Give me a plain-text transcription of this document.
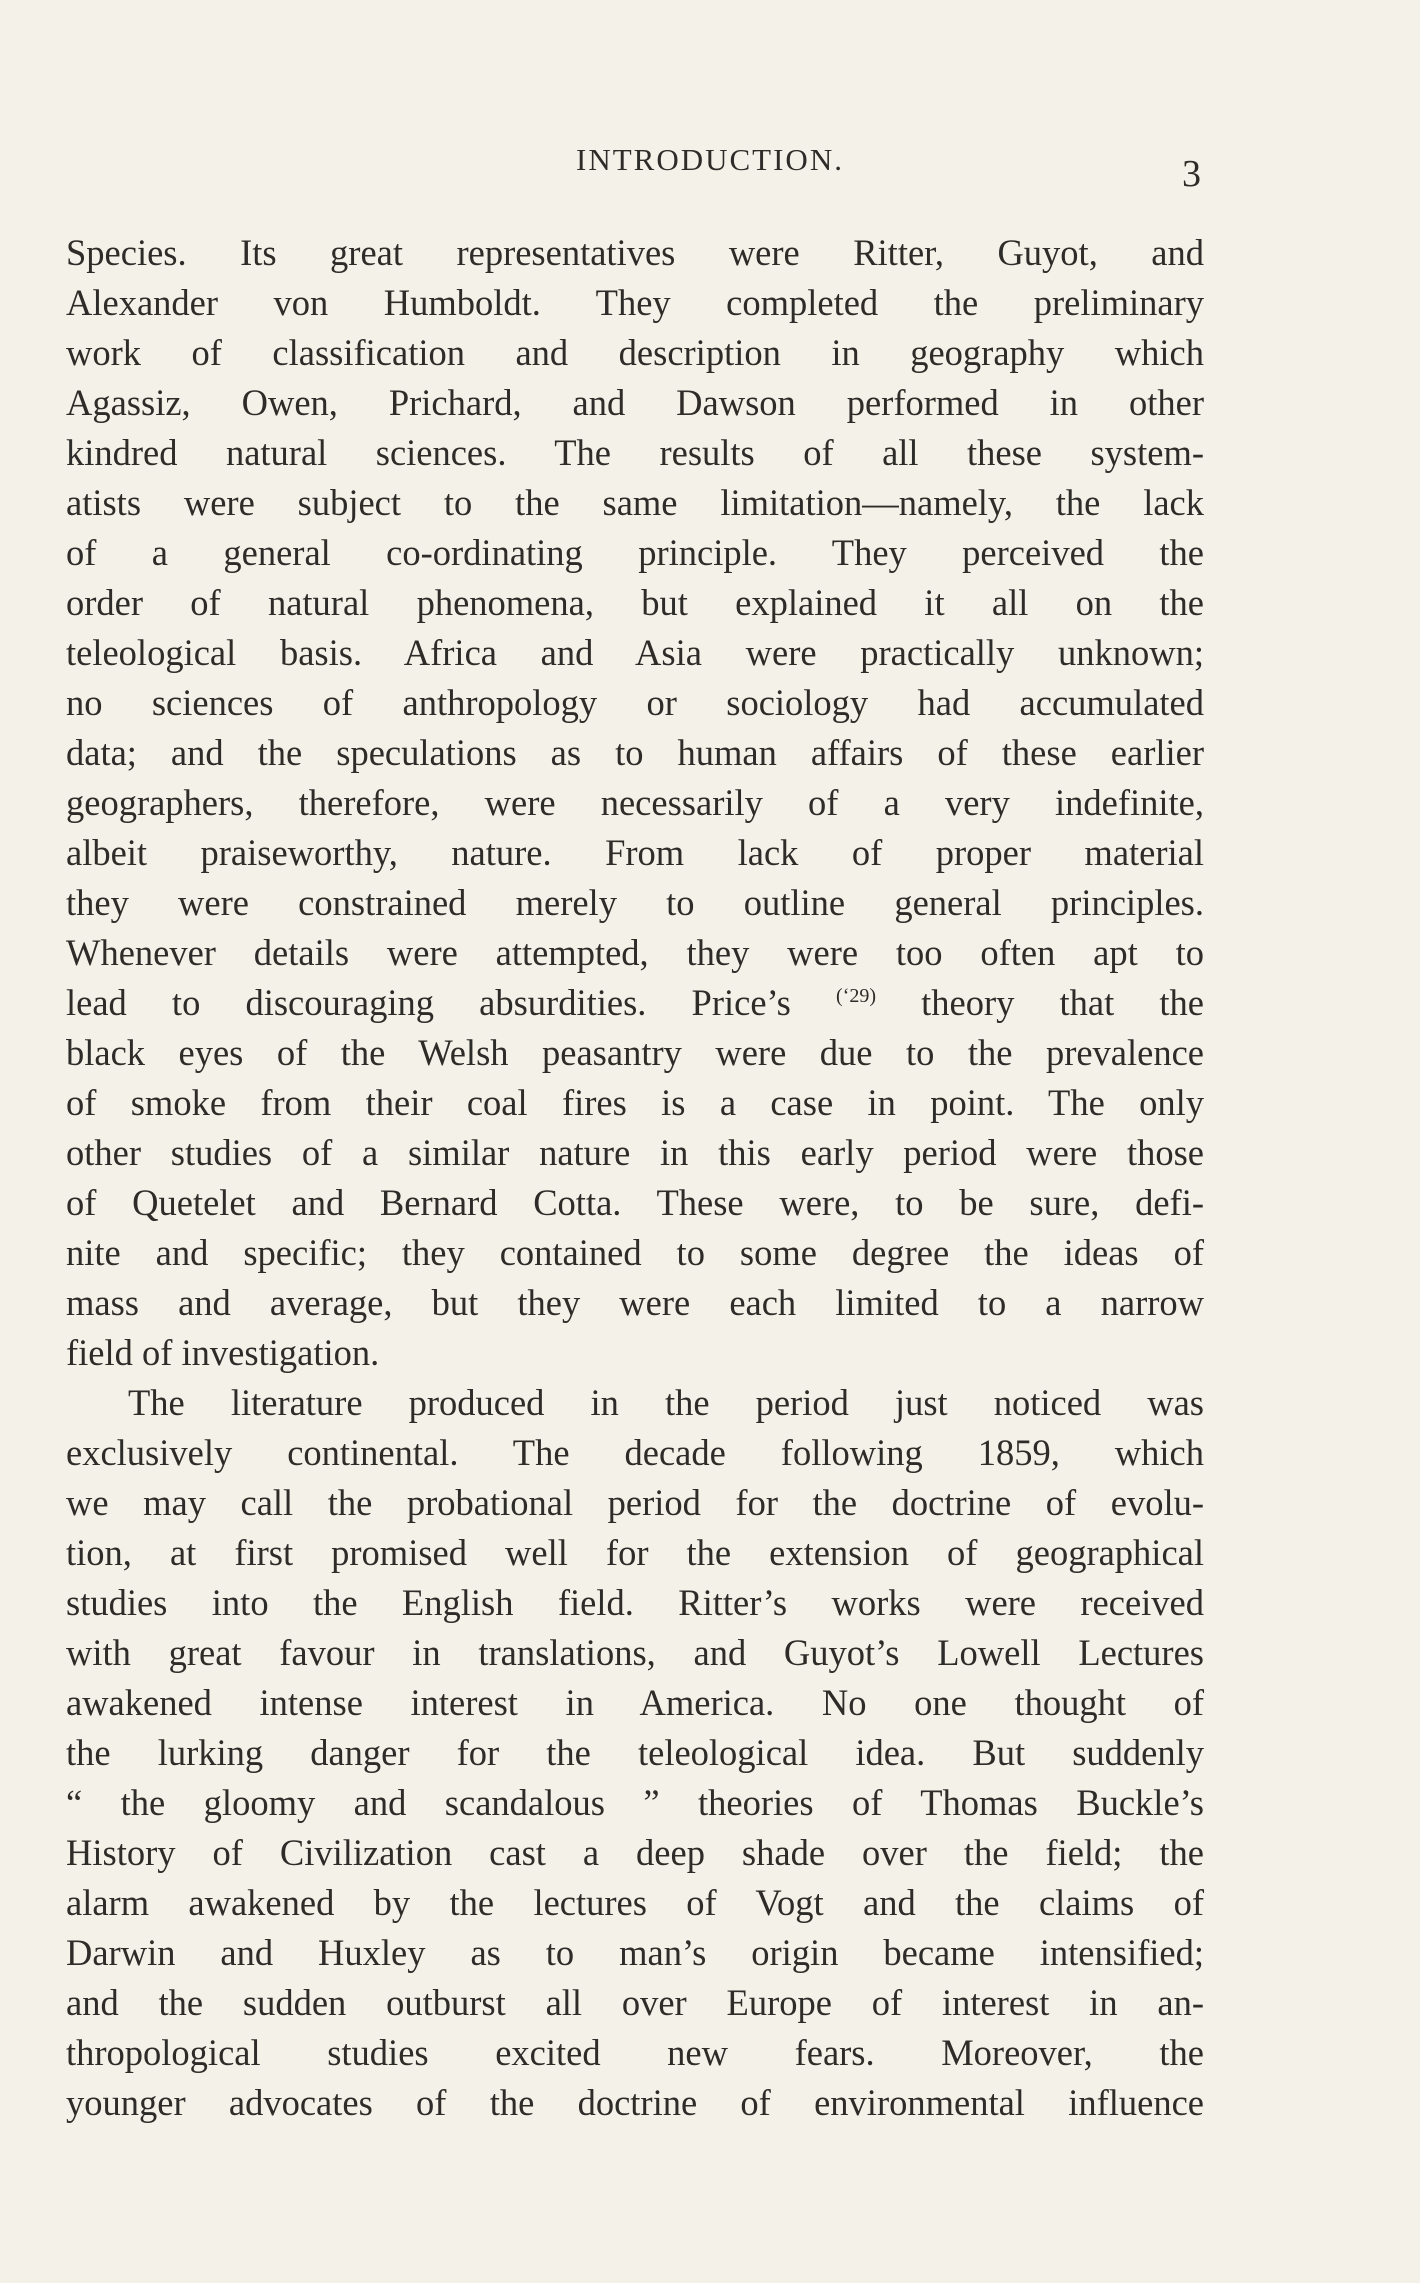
INTRODUCTION.	3
Species. Its great representatives were Ritter, Guyot, and
Alexander von Humboldt. They completed the preliminary
work of classification and description in geography which
Agassiz, Owen, Prichard, and Dawson performed in other
kindred natural sciences. The results of all these system-
atists were subject to the same limitation—namely, the lack
of a general co-ordinating principle. They perceived the
order of natural phenomena, but explained it all on the
teleological basis. Africa and Asia were practically unknown;
no sciences of anthropology or sociology had accumulated
data; and the speculations as to human affairs of these earlier
geographers, therefore, were necessarily of a very indefinite,
albeit praiseworthy, nature. From lack of proper material
they were constrained merely to outline general principles.
Whenever details were attempted, they were too often apt to
lead to discouraging absurdities. Price’s $^{(‘29)}$ theory that the
black eyes of the Welsh peasantry were due to the prevalence
of smoke from their coal fires is a case in point. The only
other studies of a similar nature in this early period were those
of Quetelet and Bernard Cotta. These were, to be sure, defi-
nite and specific; they contained to some degree the ideas of
mass and average, but they were each limited to a narrow
field of investigation.
The literature produced in the period just noticed was
exclusively continental. The decade following 1859, which
we may call the probational period for the doctrine of evolu-
tion, at first promised well for the extension of geographical
studies into the English field. Ritter’s works were received
with great favour in translations, and Guyot’s Lowell Lectures
awakened intense interest in America. No one thought of
the lurking danger for the teleological idea. But suddenly
“ the gloomy and scandalous ” theories of Thomas Buckle’s
History of Civilization cast a deep shade over the field; the
alarm awakened by the lectures of Vogt and the claims of
Darwin and Huxley as to man’s origin became intensified;
and the sudden outburst all over Europe of interest in an-
thropological studies excited new fears. Moreover, the
younger advocates of the doctrine of environmental influence
